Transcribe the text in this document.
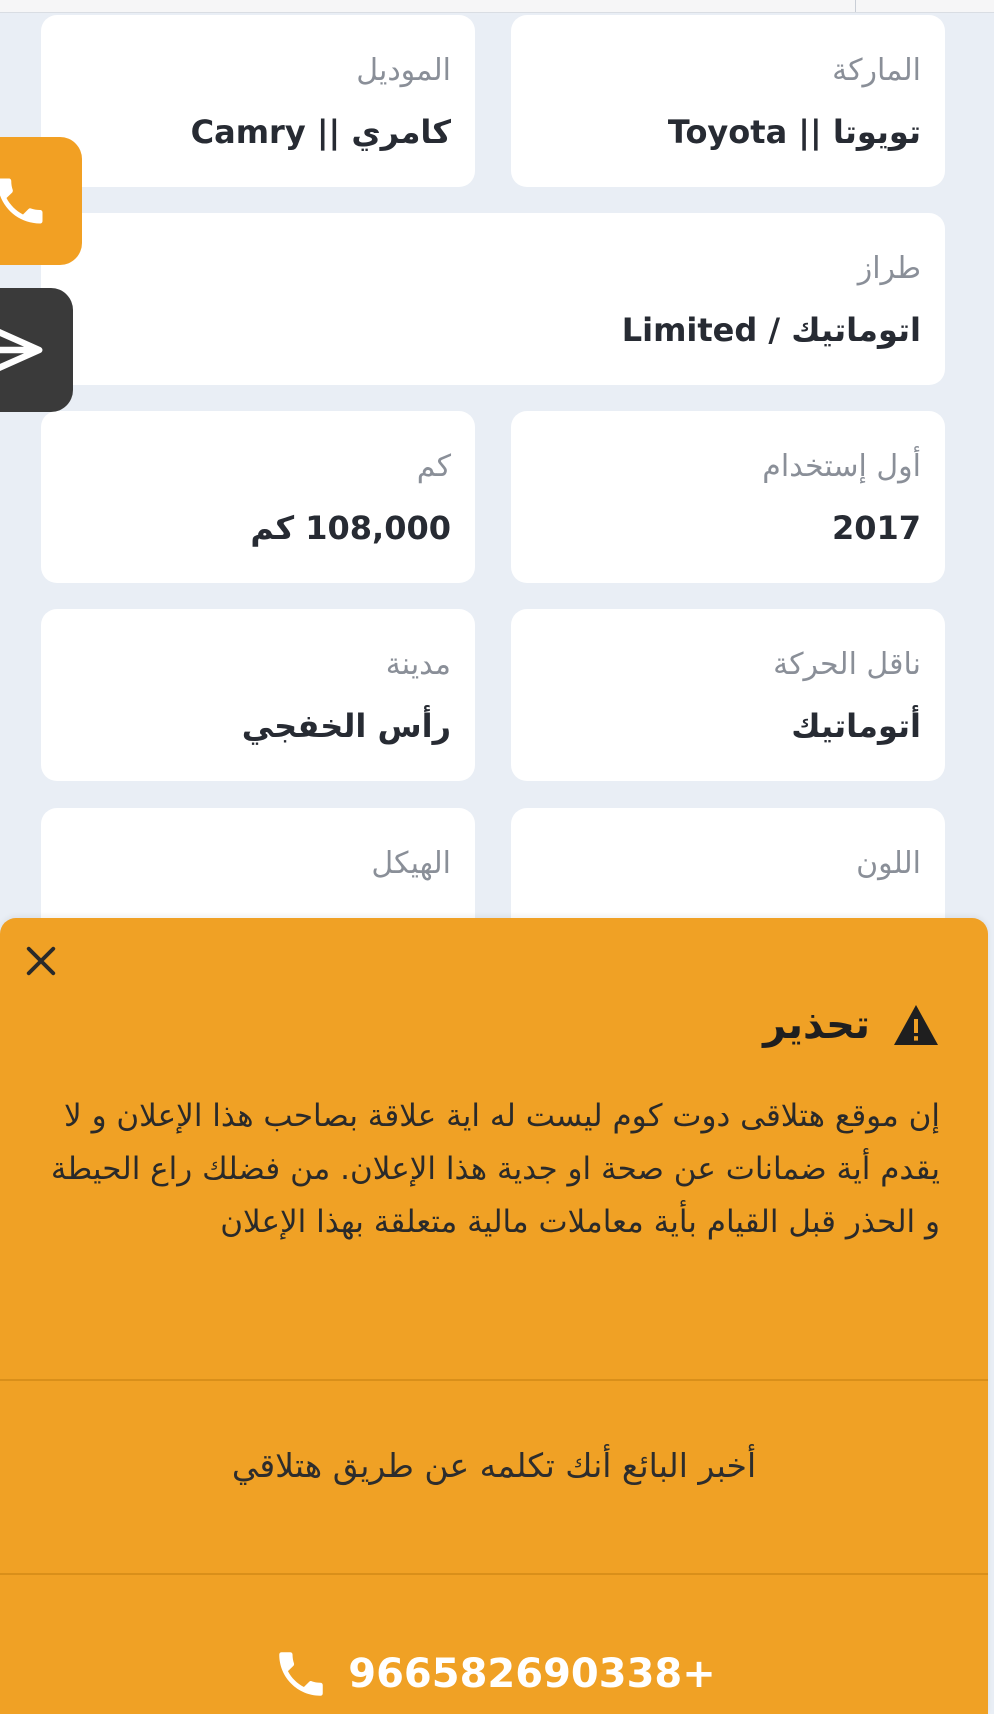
الماركة
تويوتا || Toyota
الموديل
كامري || Camry
طراز
اتوماتيك / Limited
أول إستخدام
2017
كم
108,000 كم
ناقل الحركة
أتوماتيك
مدينة
رأس الخفجي
اللون
الهيكل
تحذير
إن موقع هتلاقى دوت كوم ليست له اية علاقة بصاحب هذا الإعلان و لا يقدم أية ضمانات عن صحة او جدية هذا الإعلان. من فضلك راع الحيطة و الحذر قبل القيام بأية معاملات مالية متعلقة بهذا الإعلان
أخبر البائع أنك تكلمه عن طريق هتلاقي
966582690338+
